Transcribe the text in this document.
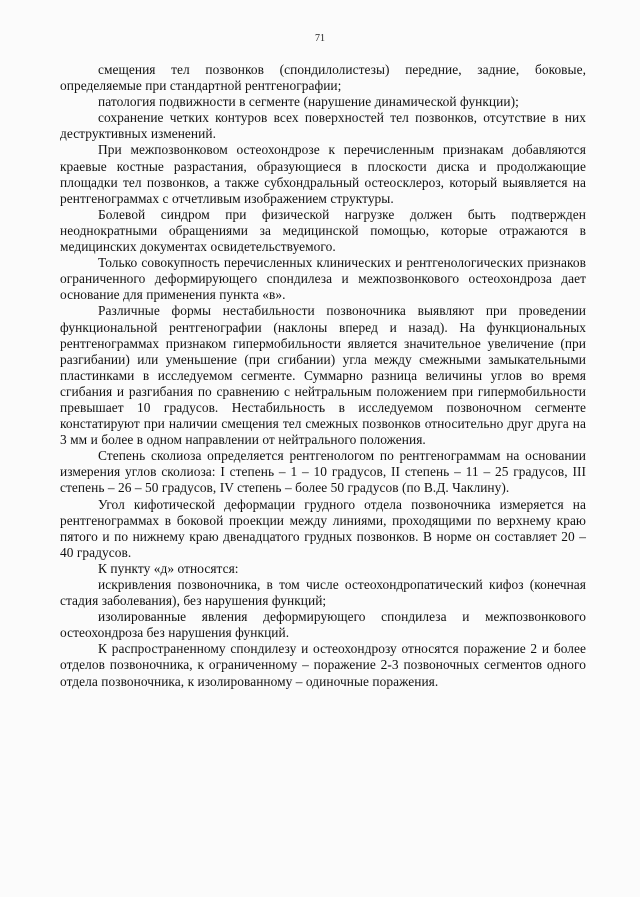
71

смещения тел позвонков (спондилолистезы) передние, задние, боковые, определяемые при стандартной рентгенографии;

патология подвижности в сегменте (нарушение динамической функции);

сохранение четких контуров всех поверхностей тел позвонков, отсутствие в них деструктивных изменений.

При межпозвонковом остеохондрозе к перечисленным признакам добавляются краевые костные разрастания, образующиеся в плоскости диска и продолжающие площадки тел позвонков, а также субхондральный остеосклероз, который выявляется на рентгенограммах с отчетливым изображением структуры.

Болевой синдром при физической нагрузке должен быть подтвержден неоднократными обращениями за медицинской помощью, которые отражаются в медицинских документах освидетельствуемого.

Только совокупность перечисленных клинических и рентгенологических признаков ограниченного деформирующего спондилеза и межпозвонкового остеохондроза дает основание для применения пункта «в».

Различные формы нестабильности позвоночника выявляют при проведении функциональной рентгенографии (наклоны вперед и назад). На функциональных рентгенограммах признаком гипермобильности является значительное увеличение (при разгибании) или уменьшение (при сгибании) угла между смежными замыкательными пластинками в исследуемом сегменте. Суммарно разница величины углов во время сгибания и разгибания по сравнению с нейтральным положением при гипермобильности превышает 10 градусов. Нестабильность в исследуемом позвоночном сегменте констатируют при наличии смещения тел смежных позвонков относительно друг друга на 3 мм и более в одном направлении от нейтрального положения.

Степень сколиоза определяется рентгенологом по рентгенограммам на основании измерения углов сколиоза: I степень – 1 – 10 градусов, II степень – 11 – 25 градусов, III степень – 26 – 50 градусов, IV степень – более 50 градусов (по В.Д. Чаклину).

Угол кифотической деформации грудного отдела позвоночника измеряется на рентгенограммах в боковой проекции между линиями, проходящими по верхнему краю пятого и по нижнему краю двенадцатого грудных позвонков. В норме он составляет 20 – 40 градусов.

К пункту «д» относятся:

искривления позвоночника, в том числе остеохондропатический кифоз (конечная стадия заболевания), без нарушения функций;

изолированные явления деформирующего спондилеза и межпозвонкового остеохондроза без нарушения функций.

К распространенному спондилезу и остеохондрозу относятся поражение 2 и более отделов позвоночника, к ограниченному – поражение 2-3 позвоночных сегментов одного отдела позвоночника, к изолированному – одиночные поражения.
